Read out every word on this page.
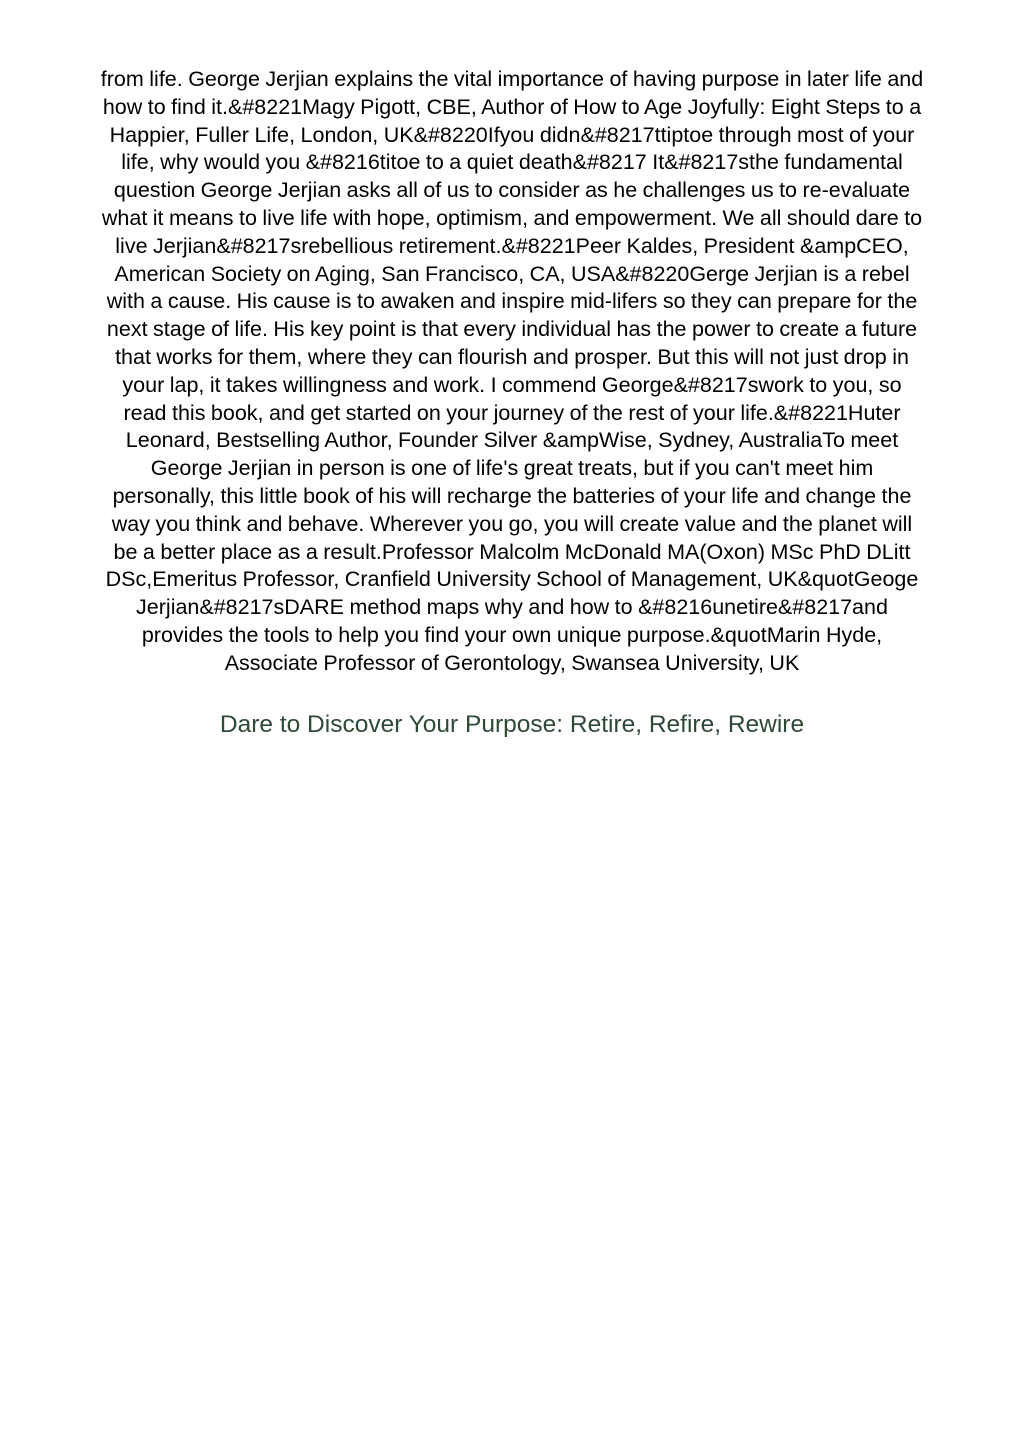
from life. George Jerjian explains the vital importance of having purpose in later life and
how to find it.&#8221Magy Pigott, CBE, Author of How to Age Joyfully: Eight Steps to a
Happier, Fuller Life, London, UK&#8220Ifyou didn&#8217ttiptoe through most of your
life, why would you &#8216titoe to a quiet death&#8217 It&#8217sthe fundamental
question George Jerjian asks all of us to consider as he challenges us to re-evaluate
what it means to live life with hope, optimism, and empowerment. We all should dare to
live Jerjian&#8217srebellious retirement.&#8221Peer Kaldes, President &ampCEO,
American Society on Aging, San Francisco, CA, USA&#8220Gerge Jerjian is a rebel
with a cause. His cause is to awaken and inspire mid-lifers so they can prepare for the
next stage of life. His key point is that every individual has the power to create a future
that works for them, where they can flourish and prosper. But this will not just drop in
your lap, it takes willingness and work. I commend George&#8217swork to you, so
read this book, and get started on your journey of the rest of your life.&#8221Huter
Leonard, Bestselling Author, Founder Silver &ampWise, Sydney, AustraliaTo meet
George Jerjian in person is one of life's great treats, but if you can't meet him
personally, this little book of his will recharge the batteries of your life and change the
way you think and behave. Wherever you go, you will create value and the planet will
be a better place as a result.Professor Malcolm McDonald MA(Oxon) MSc PhD DLitt
DSc,Emeritus Professor, Cranfield University School of Management, UK&quotGeoge
Jerjian&#8217sDARE method maps why and how to &#8216unetire&#8217and
provides the tools to help you find your own unique purpose.&quotMarin Hyde,
Associate Professor of Gerontology, Swansea University, UK

Dare to Discover Your Purpose: Retire, Refire, Rewire
